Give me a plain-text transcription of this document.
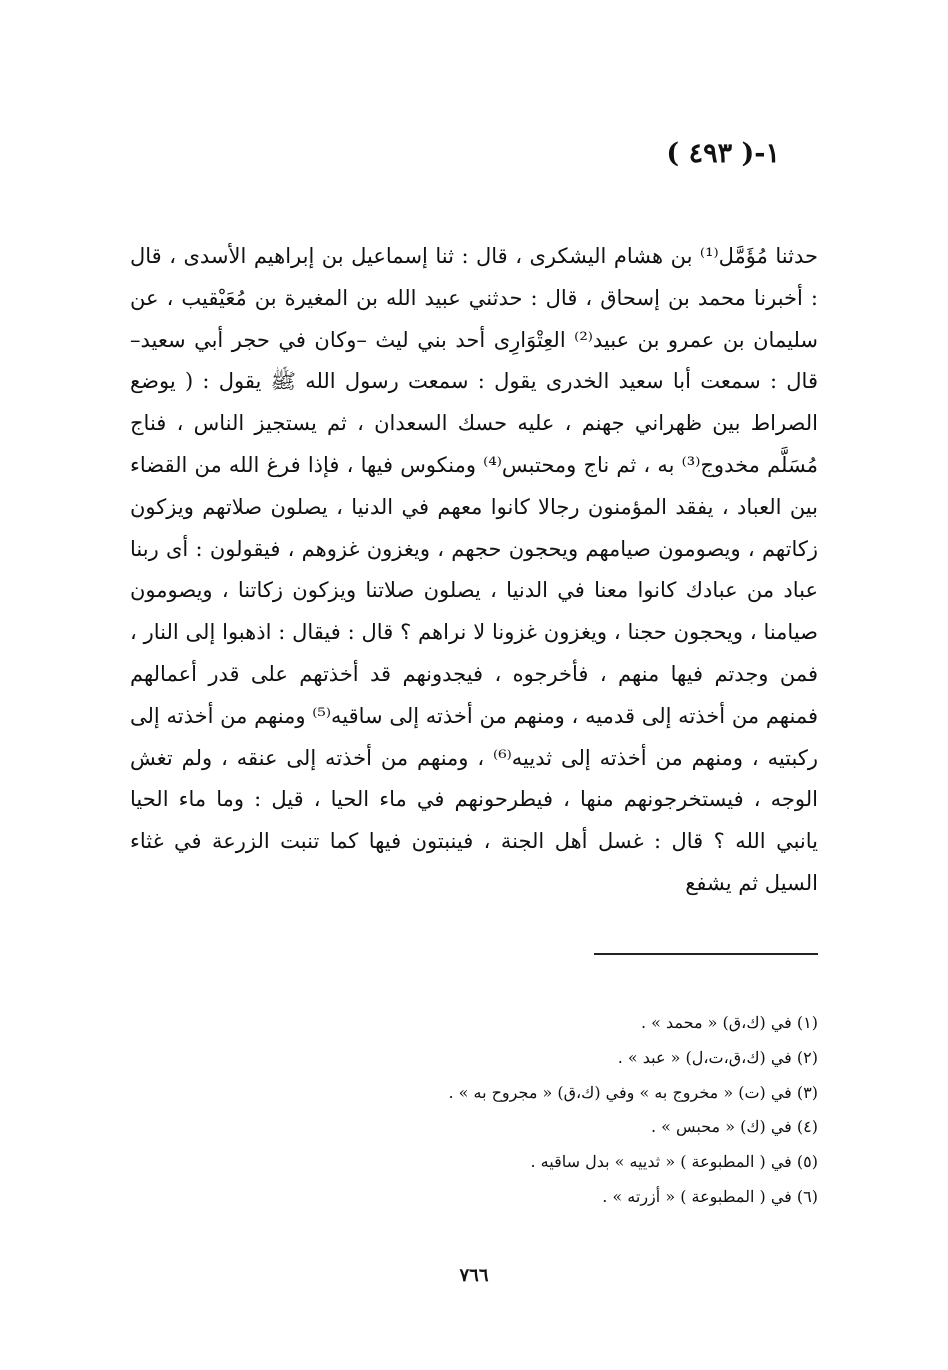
١-( ٤٩٣ )

حدثنا مُؤَمَّل⁽¹⁾ بن هشام اليشكرى ، قال : ثنا إسماعيل بن إبراهيم الأسدى ، قال : أخبرنا محمد بن إسحاق ، قال : حدثني عبيد الله بن المغيرة بن مُعَيْقيب ، عن سليمان بن عمرو بن عبيد⁽²⁾ العِتْوَارِى أحد بني ليث –وكان في حجر أبي سعيد– قال : سمعت أبا سعيد الخدرى يقول : سمعت رسول الله ﷺ يقول : ( يوضع الصراط بين ظهراني جهنم ، عليه حسك السعدان ، ثم يستجيز الناس ، فناج مُسَلَّم مخدوج⁽³⁾ به ، ثم ناج ومحتبس⁽⁴⁾ ومنكوس فيها ، فإذا فرغ الله من القضاء بين العباد ، يفقد المؤمنون رجالا كانوا معهم في الدنيا ، يصلون صلاتهم ويزكون زكاتهم ، ويصومون صيامهم ويحجون حجهم ، ويغزون غزوهم ، فيقولون : أى ربنا عباد من عبادك كانوا معنا في الدنيا ، يصلون صلاتنا ويزكون زكاتنا ، ويصومون صيامنا ، ويحجون حجنا ، ويغزون غزونا لا نراهم ؟ قال : فيقال : اذهبوا إلى النار ، فمن وجدتم فيها منهم ، فأخرجوه ، فيجدونهم قد أخذتهم على قدر أعمالهم فمنهم من أخذته إلى قدميه ، ومنهم من أخذته إلى ساقيه⁽⁵⁾ ومنهم من أخذته إلى ركبتيه ، ومنهم من أخذته إلى ثدييه⁽⁶⁾ ، ومنهم من أخذته إلى عنقه ، ولم تغش الوجه ، فيستخرجونهم منها ، فيطرحونهم في ماء الحيا ، قيل : وما ماء الحيا يانبي الله ؟ قال : غسل أهل الجنة ، فينبتون فيها كما تنبت الزرعة في غثاء السيل ثم يشفع

(١) في (ك،ق) « محمد » .
(٢) في (ك،ق،ت،ل) « عبد » .
(٣) في (ت) « مخروج به » وفي (ك،ق) « مجروح به » .
(٤) في (ك) « محبس » .
(٥) في ( المطبوعة ) « ثدييه » بدل ساقيه .
(٦) في ( المطبوعة ) « أزرته » .
٧٦٦
